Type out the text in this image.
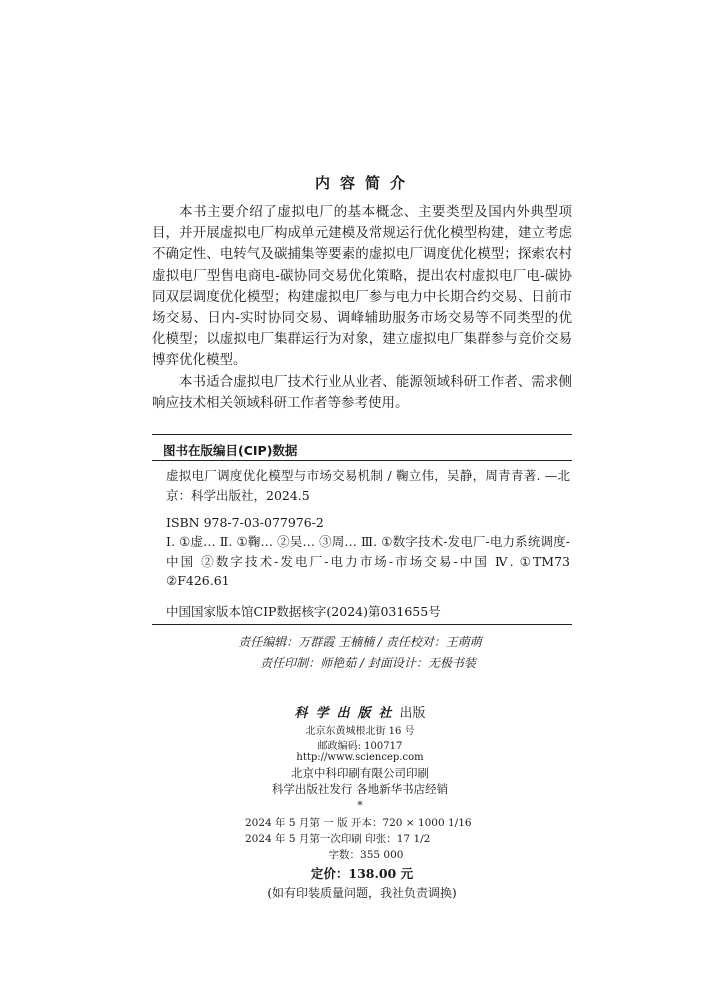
内容简介

本书主要介绍了虚拟电厂的基本概念、主要类型及国内外典型项目，并开展虚拟电厂构成单元建模及常规运行优化模型构建，建立考虑不确定性、电转气及碳捕集等要素的虚拟电厂调度优化模型；探索农村虚拟电厂型售电商电-碳协同交易优化策略，提出农村虚拟电厂电-碳协同双层调度优化模型；构建虚拟电厂参与电力中长期合约交易、日前市场交易、日内-实时协同交易、调峰辅助服务市场交易等不同类型的优化模型；以虚拟电厂集群运行为对象，建立虚拟电厂集群参与竞价交易博弈优化模型。

本书适合虚拟电厂技术行业从业者、能源领域科研工作者、需求侧响应技术相关领域科研工作者等参考使用。

图书在版编目(CIP)数据
虚拟电厂调度优化模型与市场交易机制 / 鞠立伟，吴静，周青青著. —北京：科学出版社，2024.5
ISBN 978-7-03-077976-2
Ⅰ. ①虚… Ⅱ. ①鞠… ②吴… ③周… Ⅲ. ①数字技术-发电厂-电力系统调度-中国 ②数字技术-发电厂-电力市场-市场交易-中国 Ⅳ. ①TM73 ②F426.61
中国国家版本馆CIP数据核字(2024)第031655号
责任编辑：万群霞 王楠楠 / 责任校对：王萌萌
责任印制：师艳茹 / 封面设计：无极书装
科学出版社出版
北京东黄城根北街 16 号
邮政编码: 100717
http://www.sciencep.com
北京中科印刷有限公司印刷
科学出版社发行 各地新华书店经销
*
2024 年 5 月第 一 版 开本：720 × 1000 1/16
2024 年 5 月第一次印刷 印张：17 1/2
字数：355 000
定价：138.00 元
(如有印装质量问题，我社负责调换)
